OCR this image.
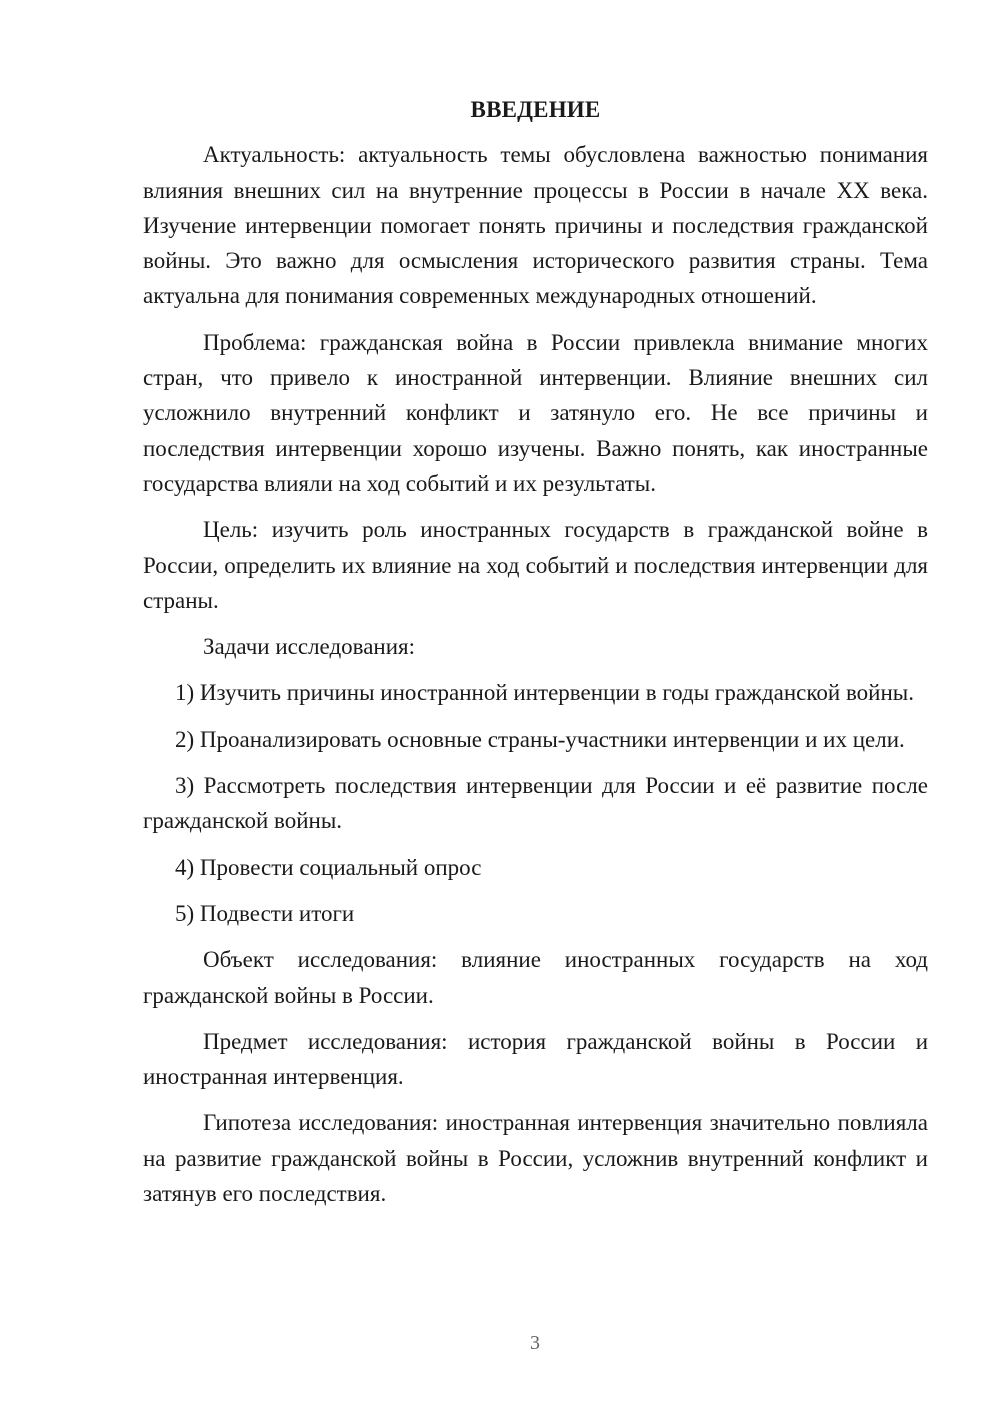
ВВЕДЕНИЕ

Актуальность: актуальность темы обусловлена важностью понимания влияния внешних сил на внутренние процессы в России в начале XX века. Изучение интервенции помогает понять причины и последствия гражданской войны. Это важно для осмысления исторического развития страны. Тема актуальна для понимания современных международных отношений.

Проблема: гражданская война в России привлекла внимание многих стран, что привело к иностранной интервенции. Влияние внешних сил усложнило внутренний конфликт и затянуло его. Не все причины и последствия интервенции хорошо изучены. Важно понять, как иностранные государства влияли на ход событий и их результаты.

Цель: изучить роль иностранных государств в гражданской войне в России, определить их влияние на ход событий и последствия интервенции для страны.

Задачи исследования:

1) Изучить причины иностранной интервенции в годы гражданской войны.

2) Проанализировать основные страны-участники интервенции и их цели.

3) Рассмотреть последствия интервенции для России и её развитие после гражданской войны.

4) Провести социальный опрос

5) Подвести итоги

Объект исследования: влияние иностранных государств на ход гражданской войны в России.

Предмет исследования: история гражданской войны в России и иностранная интервенция.

Гипотеза исследования: иностранная интервенция значительно повлияла на развитие гражданской войны в России, усложнив внутренний конфликт и затянув его последствия.

3
